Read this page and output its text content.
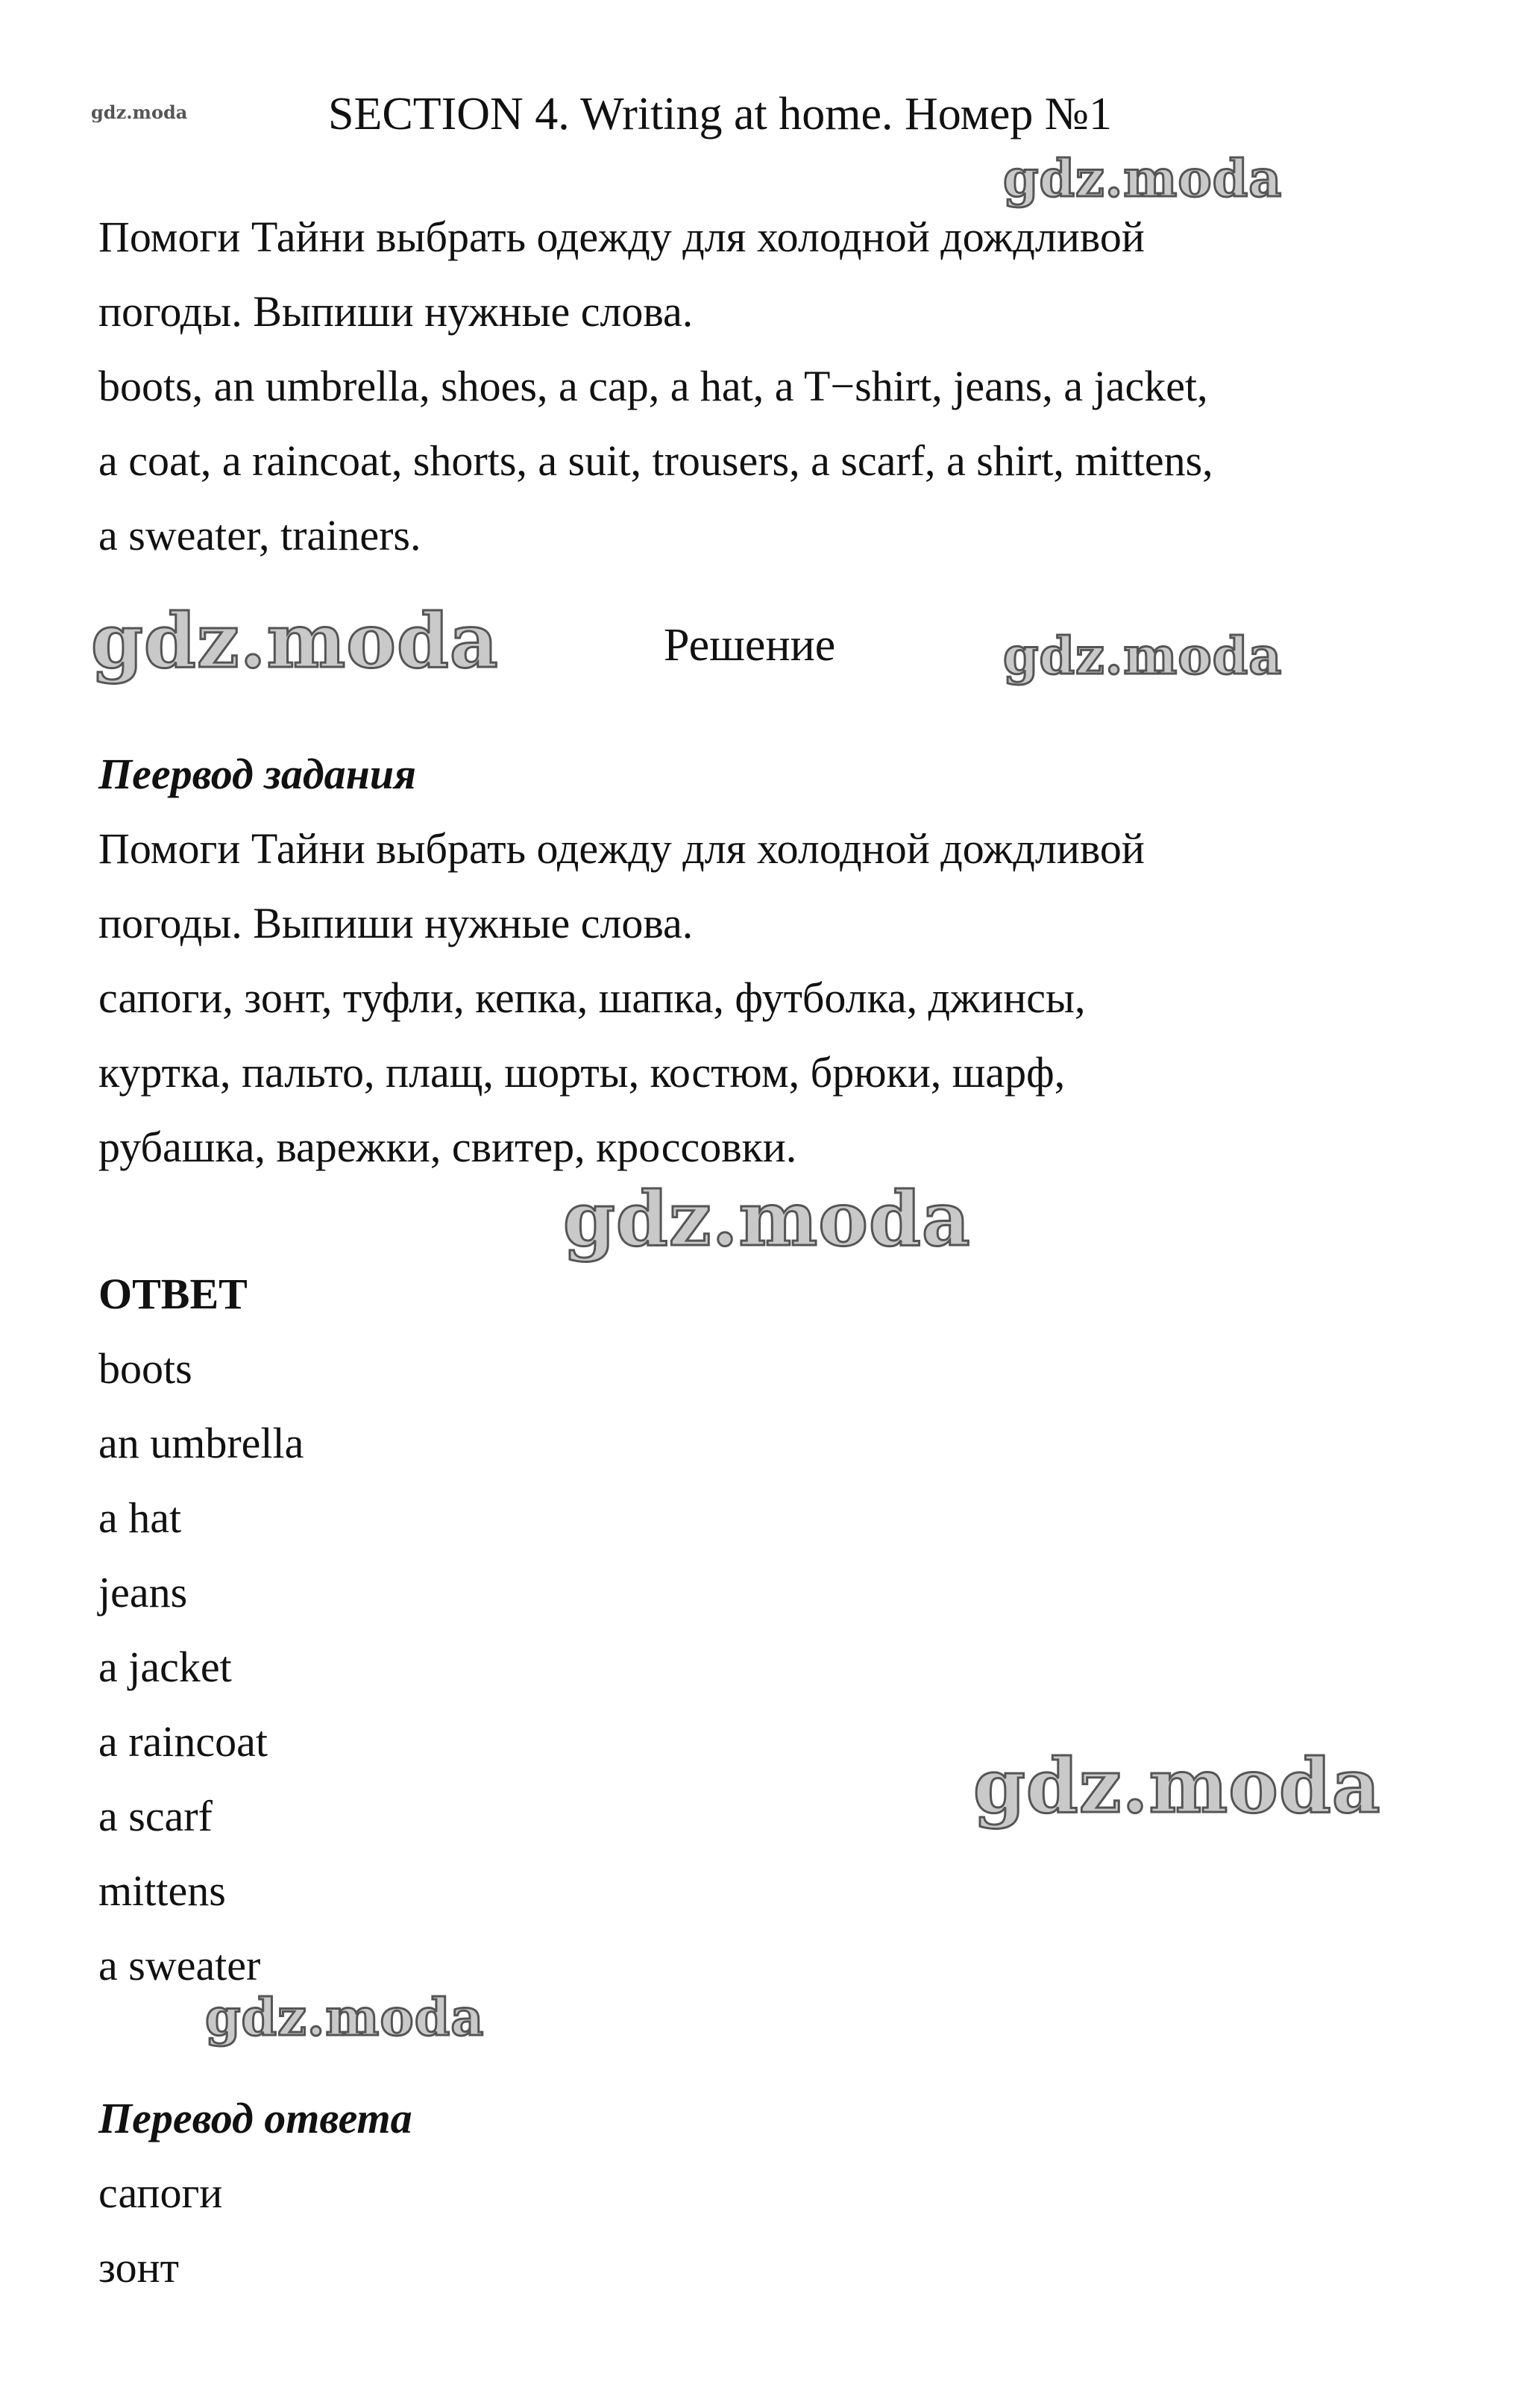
gdz.moda	SECTION 4. Writing at home. Номер №1
gdz.moda
Помоги Тайни выбрать одежду для холодной дождливой
погоды. Выпиши нужные слова.
boots, an umbrella, shoes, a cap, a hat, a T−shirt, jeans, a jacket,
a coat, a raincoat, shorts, a suit, trousers, a scarf, a shirt, mittens,
a sweater, trainers.
gdz.moda	Решение	gdz.moda
Пеервод задания
Помоги Тайни выбрать одежду для холодной дождливой
погоды. Выпиши нужные слова.
сапоги, зонт, туфли, кепка, шапка, футболка, джинсы,
куртка, пальто, плащ, шорты, костюм, брюки, шарф,
рубашка, варежки, свитер, кроссовки.
gdz.moda
ОТВЕТ
boots
an umbrella
a hat
jeans
a jacket
a raincoat
a scarf
mittens
a sweater
gdz.moda
gdz.moda
Перевод ответа
сапоги
зонт
